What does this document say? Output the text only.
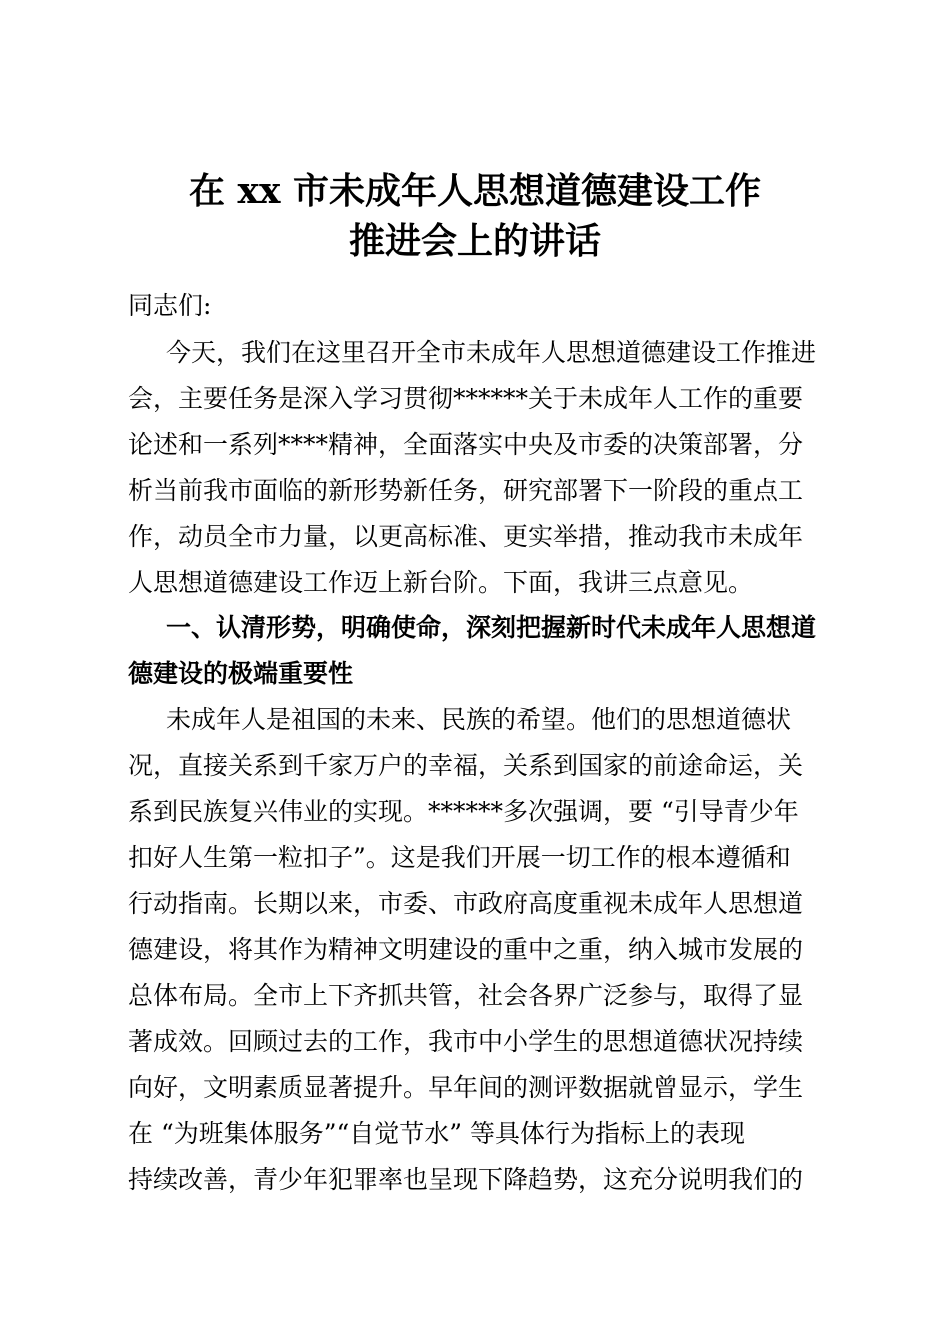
在 xx 市未成年人思想道德建设工作
推进会上的讲话

同志们:

今天，我们在这里召开全市未成年人思想道德建设工作推进

会，主要任务是深入学习贯彻******关于未成年人工作的重要

论述和一系列****精神，全面落实中央及市委的决策部署，分

析当前我市面临的新形势新任务，研究部署下一阶段的重点工

作，动员全市力量，以更高标准、更实举措，推动我市未成年

人思想道德建设工作迈上新台阶。下面，我讲三点意见。

一、认清形势，明确使命，深刻把握新时代未成年人思想道

德建设的极端重要性

未成年人是祖国的未来、民族的希望。他们的思想道德状

况，直接关系到千家万户的幸福，关系到国家的前途命运，关

系到民族复兴伟业的实现。******多次强调，要 “引导青少年

扣好人生第一粒扣子”。这是我们开展一切工作的根本遵循和

行动指南。长期以来，市委、市政府高度重视未成年人思想道

德建设，将其作为精神文明建设的重中之重，纳入城市发展的

总体布局。全市上下齐抓共管，社会各界广泛参与，取得了显

著成效。回顾过去的工作，我市中小学生的思想道德状况持续

向好，文明素质显著提升。早年间的测评数据就曾显示，学生

在 “为班集体服务”“自觉节水” 等具体行为指标上的表现

持续改善，青少年犯罪率也呈现下降趋势，这充分说明我们的
